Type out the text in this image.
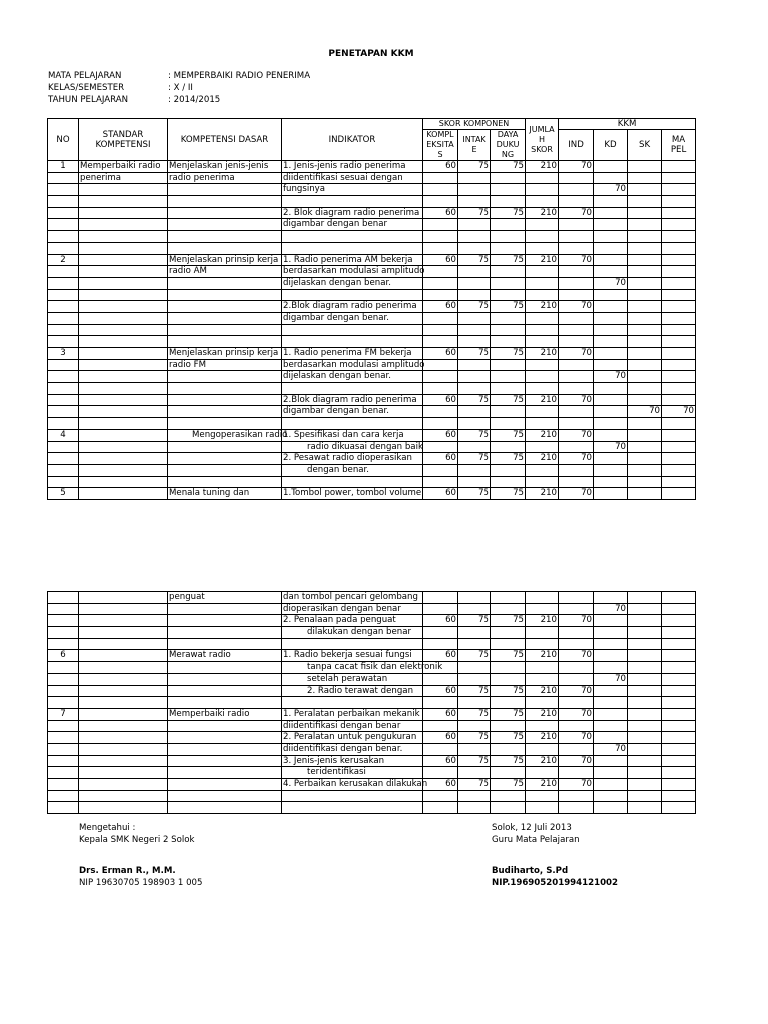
PENETAPAN KKM
MATA PELAJARAN	: MEMPERBAIKI RADIO PENERIMA
KELAS/SEMESTER	: X / II
TAHUN PELAJARAN	: 2014/2015
NO	STANDAR KOMPETENSI	KOMPETENSI DASAR	INDIKATOR	SKOR KOMPONEN			JUMLA H SKOR	KKM			
				KOMPL EKSITA S	INTAK E	DAYA DUKU NG		IND	KD	SK	MA PEL

1	Memperbaiki radio	Menjelaskan jenis-jenis	1. Jenis-jenis radio penerima	60	75	75	210	70			
	penerima	radio penerima	diidentifikasi sesuai dengan								
			fungsinya						70		

			2. Blok diagram radio penerima	60	75	75	210	70			
			digambar dengan benar								

2		Menjelaskan prinsip kerja	1. Radio penerima AM bekerja	60	75	75	210	70			
		radio AM	berdasarkan modulasi amplitudo								
			dijelaskan dengan benar.						70		

			2.Blok diagram radio penerima	60	75	75	210	70			
			digambar dengan benar.								

3		Menjelaskan prinsip kerja	1. Radio penerima FM bekerja	60	75	75	210	70			
		radio FM	berdasarkan modulasi amplitudo								
			dijelaskan dengan benar.						70		

			2.Blok diagram radio penerima	60	75	75	210	70			
			digambar dengan benar.							70	70

4		Mengoperasikan radio	1. Spesifikasi dan cara kerja	60	75	75	210	70			
			radio dikuasai dengan baik						70		
			2. Pesawat radio dioperasikan	60	75	75	210	70			
			dengan benar.								

5		Menala tuning dan	1.Tombol power, tombol volume	60	75	75	210	70			
		penguat	dan tombol pencari gelombang								
			dioperasikan dengan benar						70		
			2. Penalaan pada penguat	60	75	75	210	70			
			dilakukan dengan benar								

6		Merawat radio	1. Radio bekerja sesuai fungsi	60	75	75	210	70			
			tanpa cacat fisik dan elektronik								
			setelah perawatan						70		
			2. Radio terawat dengan	60	75	75	210	70			

7		Memperbaiki radio	1. Peralatan perbaikan mekanik	60	75	75	210	70			
			diidentifikasi dengan benar								
			2. Peralatan untuk pengukuran	60	75	75	210	70			
			diidentifikasi dengan benar.						70		
			3. Jenis-jenis kerusakan	60	75	75	210	70			
			teridentifikasi								
			4. Perbaikan kerusakan dilakukan	60	75	75	210	70			

Mengetahui :
Kepala SMK Negeri 2 Solok
Drs. Erman R., M.M.
NIP 19630705 198903 1 005
Solok, 12 Juli 2013
Guru Mata Pelajaran
Budiharto, S.Pd
NIP.196905201994121002
